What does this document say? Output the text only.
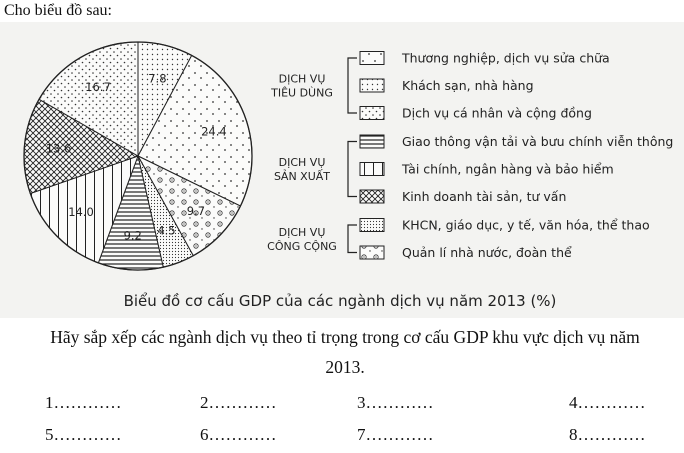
Cho biểu đồ sau:
7.8
24.4
9.7
4.5
9.2
14.0
13.6
16.7
Thương nghiệp, dịch vụ sửa chữa
Khách sạn, nhà hàng
Dịch vụ cá nhân và cộng đồng
DỊCH VỤ
TIÊU DÙNG
Giao thông vận tải và bưu chính viễn thông
Tài chính, ngân hàng và bảo hiểm
Kinh doanh tài sản, tư vấn
DỊCH VỤ
SẢN XUẤT
KHCN, giáo dục, y tế, văn hóa, thể thao
Quản lí nhà nước, đoàn thể
DỊCH VỤ
CÔNG CỘNG
Biểu đồ cơ cấu GDP của các ngành dịch vụ năm 2013 (%)
Hãy sắp xếp các ngành dịch vụ theo tỉ trọng trong cơ cấu GDP khu vực dịch vụ năm
2013.
1…………	2…………	3…………	4…………
5…………	6…………	7…………	8…………
